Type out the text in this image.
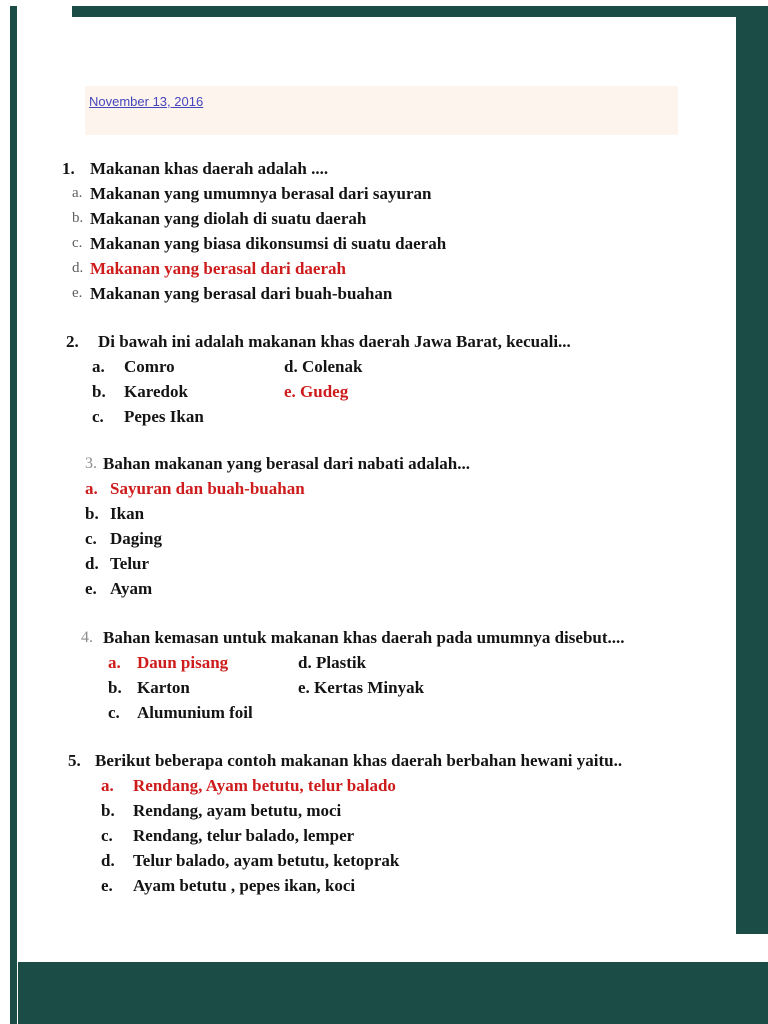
November 13, 2016
1. Makanan khas daerah adalah ....
a. Makanan yang umumnya berasal dari sayuran
b. Makanan yang diolah di suatu daerah
c. Makanan yang biasa dikonsumsi di suatu daerah
d. Makanan yang berasal dari daerah
e. Makanan yang berasal dari buah-buahan
2. Di bawah ini adalah makanan khas daerah Jawa Barat, kecuali...
a. Comro	d. Colenak
b. Karedok	e. Gudeg
c. Pepes Ikan
3. Bahan makanan yang berasal dari nabati adalah...
a. Sayuran dan buah-buahan
b. Ikan
c. Daging
d. Telur
e. Ayam
4. Bahan kemasan untuk makanan khas daerah pada umumnya disebut....
a. Daun pisang	d. Plastik
b. Karton	e. Kertas Minyak
c. Alumunium foil
5. Berikut beberapa contoh makanan khas daerah berbahan hewani yaitu..
a. Rendang, Ayam betutu, telur balado
b. Rendang, ayam betutu, moci
c. Rendang, telur balado, lemper
d. Telur balado, ayam betutu, ketoprak
e. Ayam betutu , pepes ikan, koci
